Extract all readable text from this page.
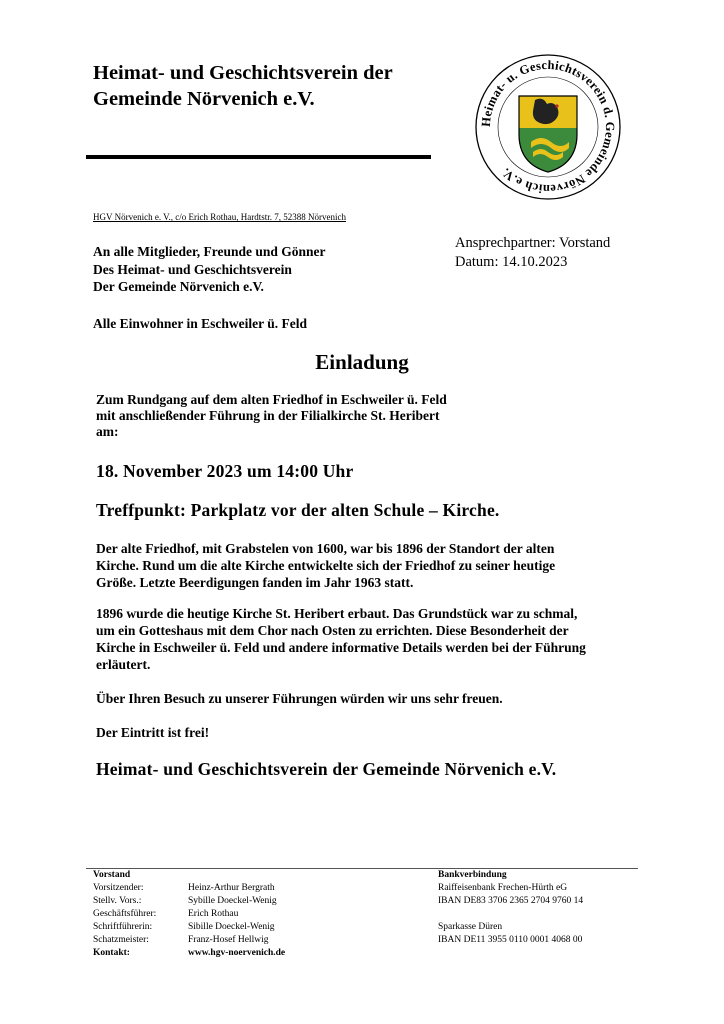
Heimat- und Geschichtsverein der
Gemeinde Nörvenich e.V.
Heimat- u. Geschichtsverein d. Gemeinde Nörvenich e.V.
HGV Nörvenich e. V., c/o Erich Rothau, Hardtstr. 7, 52388 Nörvenich
An alle Mitglieder, Freunde und Gönner
Des Heimat- und Geschichtsverein
Der Gemeinde Nörvenich e.V.
Alle Einwohner in Eschweiler ü. Feld
Ansprechpartner: Vorstand
Datum: 14.10.2023
Einladung
Zum Rundgang auf dem alten Friedhof in Eschweiler ü. Feld
mit anschließender Führung in der Filialkirche St. Heribert
am:
18. November 2023 um 14:00 Uhr
Treffpunkt: Parkplatz vor der alten Schule – Kirche.
Der alte Friedhof, mit Grabstelen von 1600, war bis 1896 der Standort der alten
Kirche. Rund um die alte Kirche entwickelte sich der Friedhof zu seiner heutige
Größe. Letzte Beerdigungen fanden im Jahr 1963 statt.
1896 wurde die heutige Kirche St. Heribert erbaut. Das Grundstück war zu schmal,
um ein Gotteshaus mit dem Chor nach Osten zu errichten. Diese Besonderheit der
Kirche in Eschweiler ü. Feld und andere informative Details werden bei der Führung
erläutert.
Über Ihren Besuch zu unserer Führungen würden wir uns sehr freuen.
Der Eintritt ist frei!
Heimat- und Geschichtsverein der Gemeinde Nörvenich e.V.
Vorstand
Vorsitzender:	Heinz-Arthur Bergrath
Stellv. Vors.:	Sybille Doeckel-Wenig
Geschäftsführer:	Erich Rothau
Schriftführerin:	Sibille Doeckel-Wenig
Schatzmeister:	Franz-Hosef Hellwig
Kontakt:	www.hgv-noervenich.de
Bankverbindung
Raiffeisenbank Frechen-Hürth eG
IBAN DE83 3706 2365 2704 9760 14
Sparkasse Düren
IBAN DE11 3955 0110 0001 4068 00
